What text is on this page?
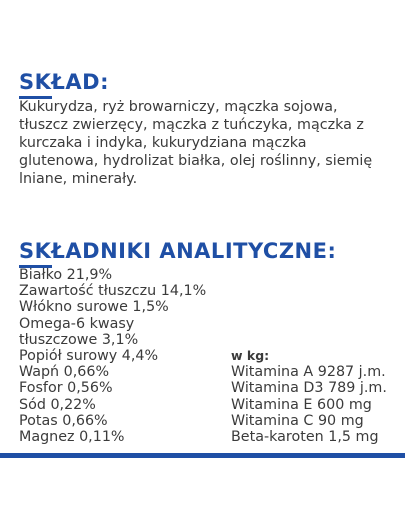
SKŁAD:

Kukurydza, ryż browarniczy, mączka sojowa, tłuszcz zwierzęcy, mączka z tuńczyka, mączka z kurczaka i indyka, kukurydziana mączka glutenowa, hydrolizat białka, olej roślinny, siemię lniane, minerały.

SKŁADNIKI ANALITYCZNE:
Białko 21,9%
Zawartość tłuszczu 14,1%
Włókno surowe 1,5%
Omega-6 kwasy
tłuszczowe 3,1%
Popiół surowy 4,4%
Wapń 0,66%
Fosfor 0,56%
Sód 0,22%
Potas 0,66%
Magnez 0,11%
w kg:
Witamina A 9287 j.m.
Witamina D3 789 j.m.
Witamina E 600 mg
Witamina C 90 mg
Beta-karoten 1,5 mg
